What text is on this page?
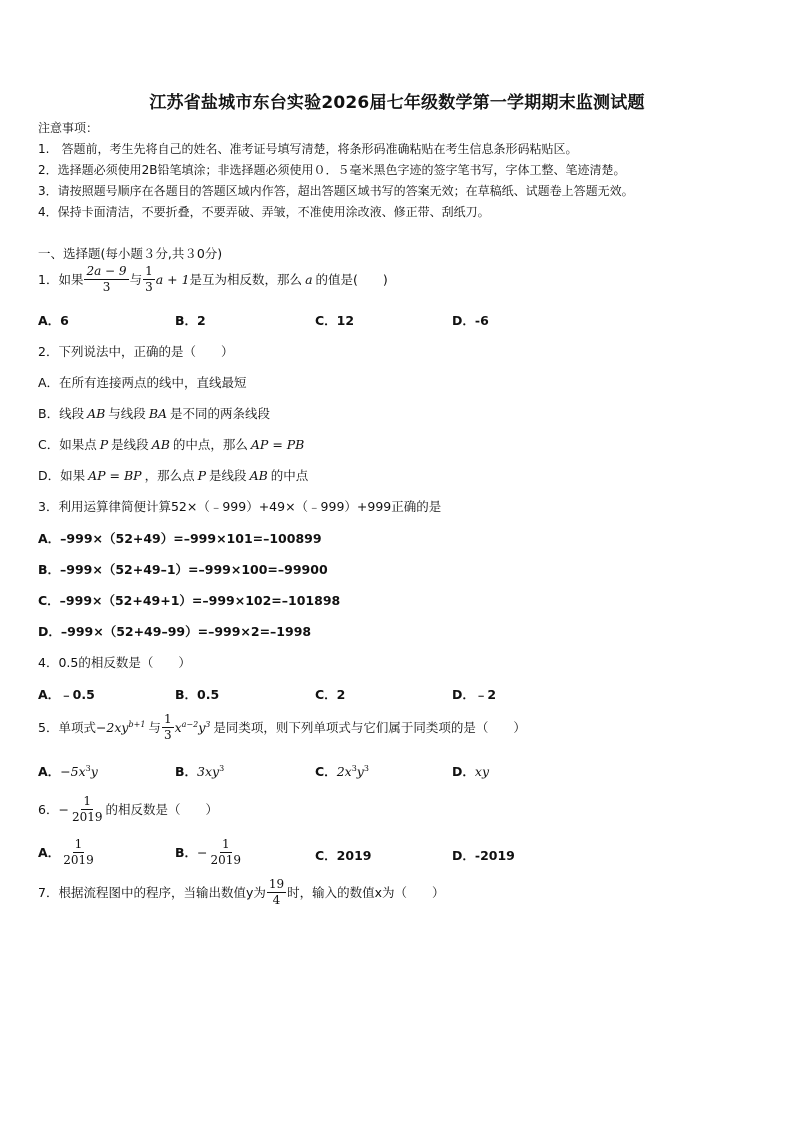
江苏省盐城市东台实验2026届七年级数学第一学期期末监测试题
注意事项：
1.　答题前，考生先将自己的姓名、准考证号填写清楚，将条形码准确粘贴在考生信息条形码粘贴区。
2．选择题必须使用2B铅笔填涂；非选择题必须使用０．５毫米黑色字迹的签字笔书写，字体工整、笔迹清楚。
3．请按照题号顺序在各题目的答题区域内作答，超出答题区域书写的答案无效；在草稿纸、试题卷上答题无效。
4．保持卡面清洁，不要折叠，不要弄破、弄皱，不准使用涂改液、修正带、刮纸刀。
一、选择题(每小题３分,共３0分)
1．如果 $\frac{2a - 9}{3}$ 与 $\frac{1}{3}$ a + 1 是互为相反数，那么 a 的值是(　　)
A．6	B．2	C．12	D．-6
2．下列说法中，正确的是（　　）
A．在所有连接两点的线中，直线最短
B．线段 AB 与线段 BA 是不同的两条线段
C．如果点 P 是线段 AB 的中点，那么 AP = PB
D．如果 AP = BP ，那么点 P 是线段 AB 的中点
3．利用运算律简便计算52×（﹣999）+49×（﹣999）+999正确的是
A．–999×（52+49）=–999×101=–100899
B．–999×（52+49–1）=–999×100=–99900
C．–999×（52+49+1）=–999×102=–101898
D．–999×（52+49–99）=–999×2=–1998
4．0.5的相反数是（　　）
A．﹣0.5	B．0.5	C．2	D．﹣2
5．单项式 $-2xy^{b+1}$ 与 $\frac{1}{3} x^{a-2}y^3$ 是同类项，则下列单项式与它们属于同类项的是（　　）
A．$-5x^3y$	B．$3xy^3$	C．$2x^3y^3$	D．xy
6． − $\frac{1}{2019}$ 的相反数是（　　）
A． $\frac{1}{2019}$	B． − $\frac{1}{2019}$	C．2019	D．-2019
7．根据流程图中的程序，当输出数值y为 $\frac{19}{4}$ 时，输入的数值x为（　　）
